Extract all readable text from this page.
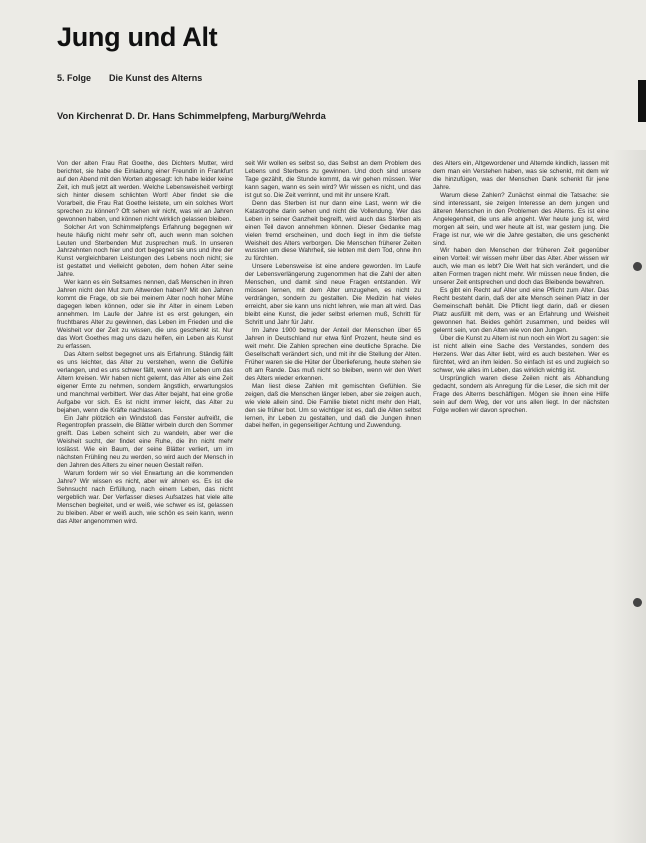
Jung und Alt
5. Folge Die Kunst des Alterns
Von Kirchenrat D. Dr. Hans Schimmelpfeng, Marburg/Wehrda

Von der alten Frau Rat Goethe, des Dichters Mutter, wird berichtet, sie habe die Einladung einer Freundin in Frankfurt auf den Abend mit den Worten abgesagt: Ich habe leider keine Zeit, ich muß jetzt alt werden. Welche Lebensweisheit verbirgt sich hinter diesem schlichten Wort! Aber findet sie die Vorarbeit, die Frau Rat Goethe leistete, um ein solches Wort sprechen zu können? Oft sehen wir nicht, was wir an Jahren gewonnen haben, und können nicht wirklich gelassen bleiben.

Solcher Art von Schimmelpfengs Erfahrung begegnen wir heute häufig nicht mehr sehr oft, auch wenn man solchen Leuten und Sterbenden Mut zusprechen muß. In unseren Jahrzehnten noch hier und dort begegnet sie uns und ihre der Kunst vergleichbaren Leistungen des Lebens noch nicht; sie ist gestattet und vielleicht geboten, dem hohen Alter seine Jahre.

Wer kann es ein Seltsames nennen, daß Menschen in ihren Jahren nicht den Mut zum Altwerden haben? Mit den Jahren kommt die Frage, ob sie bei meinem Alter noch hoher Mühe dagegen leben können, oder sie ihr Alter in einem Leben annehmen. Im Laufe der Jahre ist es erst gelungen, ein fruchtbares Alter zu gewinnen, das Leben im Frieden und die Weisheit vor der Zeit zu wissen, die uns geschenkt ist. Nur das Wort Goethes mag uns dazu helfen, ein Leben als Kunst zu erfassen.

Das Altern selbst begegnet uns als Erfahrung. Ständig fällt es uns leichter, das Alter zu verstehen, wenn die Gefühle verlangen, und es uns schwer fällt, wenn wir im Leben um das Altern kreisen. Wir haben nicht gelernt, das Alter als eine Zeit eigener Ernte zu nehmen, sondern ängstlich, erwartungslos und manchmal verbittert. Wer das Alter bejaht, hat eine große Aufgabe vor sich. Es ist nicht immer leicht, das Alter zu bejahen, wenn die Kräfte nachlassen.

Ein Jahr plötzlich ein Windstoß das Fenster aufreißt, die Regentropfen prasseln, die Blätter wirbeln durch den Sommer greift. Das Leben scheint sich zu wandeln, aber wer die Weisheit sucht, der findet eine Ruhe, die ihn nicht mehr loslässt. Wie ein Baum, der seine Blätter verliert, um im nächsten Frühling neu zu werden, so wird auch der Mensch in den Jahren des Alters zu einer neuen Gestalt reifen.

Warum fordern wir so viel Erwartung an die kommenden Jahre? Wir wissen es nicht, aber wir ahnen es. Es ist die Sehnsucht nach Erfüllung, nach einem Leben, das nicht vergeblich war. Der Verfasser dieses Aufsatzes hat viele alte Menschen begleitet, und er weiß, wie schwer es ist, gelassen zu bleiben. Aber er weiß auch, wie schön es sein kann, wenn das Alter angenommen wird.

seit Wir wollen es selbst so, das Selbst an dem Problem des Lebens und Sterbens zu gewinnen. Und doch sind unsere Tage gezählt, die Stunde kommt, da wir gehen müssen. Wer kann sagen, wann es sein wird? Wir wissen es nicht, und das ist gut so. Die Zeit verrinnt, und mit ihr unsere Kraft.

Denn das Sterben ist nur dann eine Last, wenn wir die Katastrophe darin sehen und nicht die Vollendung. Wer das Leben in seiner Ganzheit begreift, wird auch das Sterben als einen Teil davon annehmen können. Dieser Gedanke mag vielen fremd erscheinen, und doch liegt in ihm die tiefste Weisheit des Alters verborgen. Die Menschen früherer Zeiten wussten um diese Wahrheit, sie lebten mit dem Tod, ohne ihn zu fürchten.

Unsere Lebensweise ist eine andere geworden. Im Laufe der Lebensverlängerung zugenommen hat die Zahl der alten Menschen, und damit sind neue Fragen entstanden. Wir müssen lernen, mit dem Alter umzugehen, es nicht zu verdrängen, sondern zu gestalten. Die Medizin hat vieles erreicht, aber sie kann uns nicht lehren, wie man alt wird. Das bleibt eine Kunst, die jeder selbst erlernen muß, Schritt für Schritt und Jahr für Jahr.

Im Jahre 1900 betrug der Anteil der Menschen über 65 Jahren in Deutschland nur etwa fünf Prozent, heute sind es weit mehr. Die Zahlen sprechen eine deutliche Sprache. Die Gesellschaft verändert sich, und mit ihr die Stellung der Alten. Früher waren sie die Hüter der Überlieferung, heute stehen sie oft am Rande. Das muß nicht so bleiben, wenn wir den Wert des Alters wieder erkennen.

Man liest diese Zahlen mit gemischten Gefühlen. Sie zeigen, daß die Menschen länger leben, aber sie zeigen auch, wie viele allein sind. Die Familie bietet nicht mehr den Halt, den sie früher bot. Um so wichtiger ist es, daß die Alten selbst lernen, ihr Leben zu gestalten, und daß die Jungen ihnen dabei helfen, in gegenseitiger Achtung und Zuwendung.

des Alters ein, Altgewordener und Alternde kindlich, lassen mit dem man ein Verstehen haben, was sie schenkt, mit dem wir die hinzufügen, was der Menschen Dank schenkt für jene Jahre.

Warum diese Zahlen? Zunächst einmal die Tatsache: sie sind interessant, sie zeigen Interesse an dem jungen und älteren Menschen in den Problemen des Alterns. Es ist eine Angelegenheit, die uns alle angeht. Wer heute jung ist, wird morgen alt sein, und wer heute alt ist, war gestern jung. Die Frage ist nur, wie wir die Jahre gestalten, die uns geschenkt sind.

Wir haben den Menschen der früheren Zeit gegenüber einen Vorteil: wir wissen mehr über das Alter. Aber wissen wir auch, wie man es lebt? Die Welt hat sich verändert, und die alten Formen tragen nicht mehr. Wir müssen neue finden, die unserer Zeit entsprechen und doch das Bleibende bewahren.

Es gibt ein Recht auf Alter und eine Pflicht zum Alter. Das Recht besteht darin, daß der alte Mensch seinen Platz in der Gemeinschaft behält. Die Pflicht liegt darin, daß er diesen Platz ausfüllt mit dem, was er an Erfahrung und Weisheit gewonnen hat. Beides gehört zusammen, und beides will gelernt sein, von den Alten wie von den Jungen.

Über die Kunst zu Altern ist nun noch ein Wort zu sagen: sie ist nicht allein eine Sache des Verstandes, sondern des Herzens. Wer das Alter liebt, wird es auch bestehen. Wer es fürchtet, wird an ihm leiden. So einfach ist es und zugleich so schwer, wie alles im Leben, das wirklich wichtig ist.

Ursprünglich waren diese Zeilen nicht als Abhandlung gedacht, sondern als Anregung für die Leser, die sich mit der Frage des Alterns beschäftigen. Mögen sie ihnen eine Hilfe sein auf dem Weg, der vor uns allen liegt. In der nächsten Folge wollen wir davon sprechen.
